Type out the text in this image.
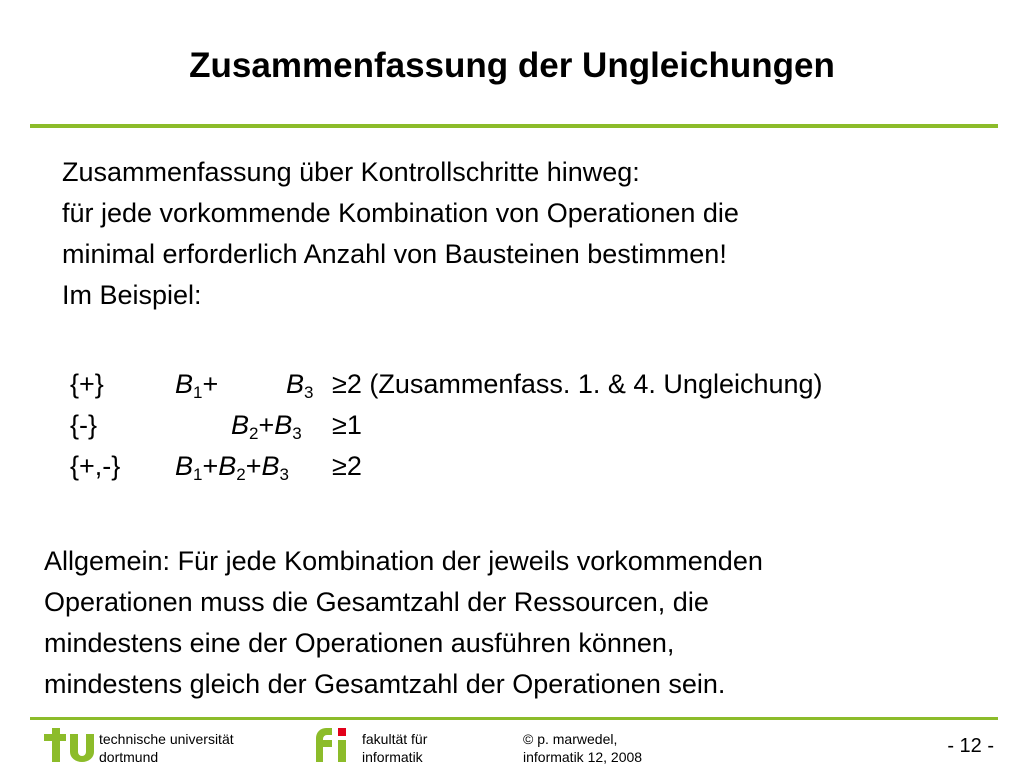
Zusammenfassung der Ungleichungen
Zusammenfassung über Kontrollschritte hinweg:
für jede vorkommende Kombination von Operationen die
minimal erforderlich Anzahl von Bausteinen bestimmen!
Im Beispiel:
{+}	$B_1+$	$B_3 \ge 2$ (Zusammenfass. 1. & 4. Ungleichung)
{-}	$B_2+B_3 \ge 1$
{+,-} $B_1+B_2+B_3 \ge 2$
Allgemein: Für jede Kombination der jeweils vorkommenden
Operationen muss die Gesamtzahl der Ressourcen, die
mindestens eine der Operationen ausführen können,
mindestens gleich der Gesamtzahl der Operationen sein.
technische universität
dortmund
fakultät für
informatik
© p. marwedel,
informatik 12, 2008	- 12 -
